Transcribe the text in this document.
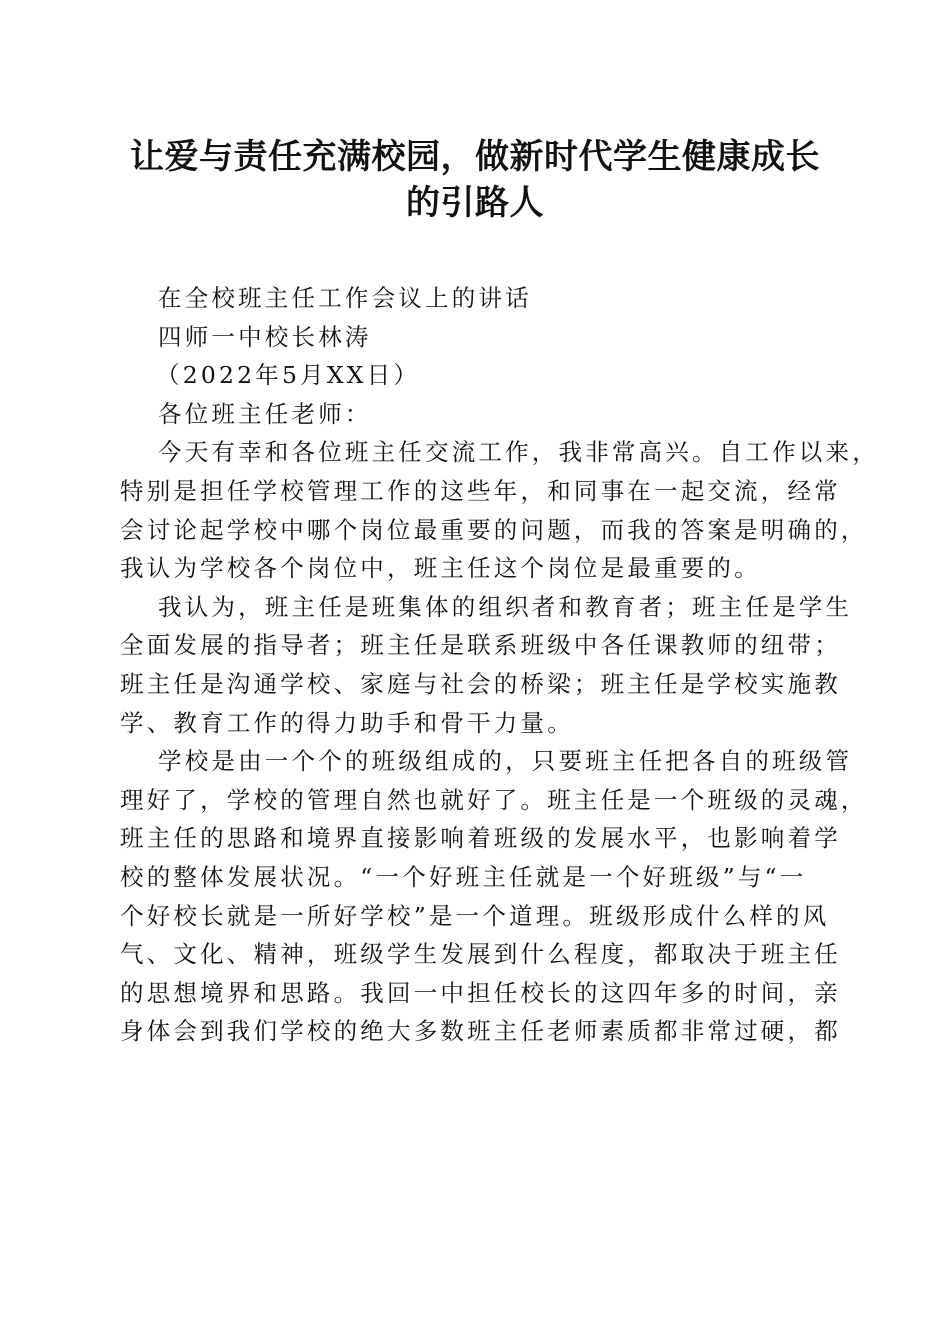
让爱与责任充满校园，做新时代学生健康成长
的引路人
在全校班主任工作会议上的讲话
四师一中校长林涛
（2022年5月XX日）
各位班主任老师：
今天有幸和各位班主任交流工作，我非常高兴。自工作以来，
特别是担任学校管理工作的这些年，和同事在一起交流，经常
会讨论起学校中哪个岗位最重要的问题，而我的答案是明确的，
我认为学校各个岗位中，班主任这个岗位是最重要的。
我认为，班主任是班集体的组织者和教育者；班主任是学生
全面发展的指导者；班主任是联系班级中各任课教师的纽带；
班主任是沟通学校、家庭与社会的桥梁；班主任是学校实施教
学、教育工作的得力助手和骨干力量。
学校是由一个个的班级组成的，只要班主任把各自的班级管
理好了，学校的管理自然也就好了。班主任是一个班级的灵魂，
班主任的思路和境界直接影响着班级的发展水平，也影响着学
校的整体发展状况。“一个好班主任就是一个好班级”与“一
个好校长就是一所好学校”是一个道理。班级形成什么样的风
气、文化、精神，班级学生发展到什么程度，都取决于班主任
的思想境界和思路。我回一中担任校长的这四年多的时间，亲
身体会到我们学校的绝大多数班主任老师素质都非常过硬，都
